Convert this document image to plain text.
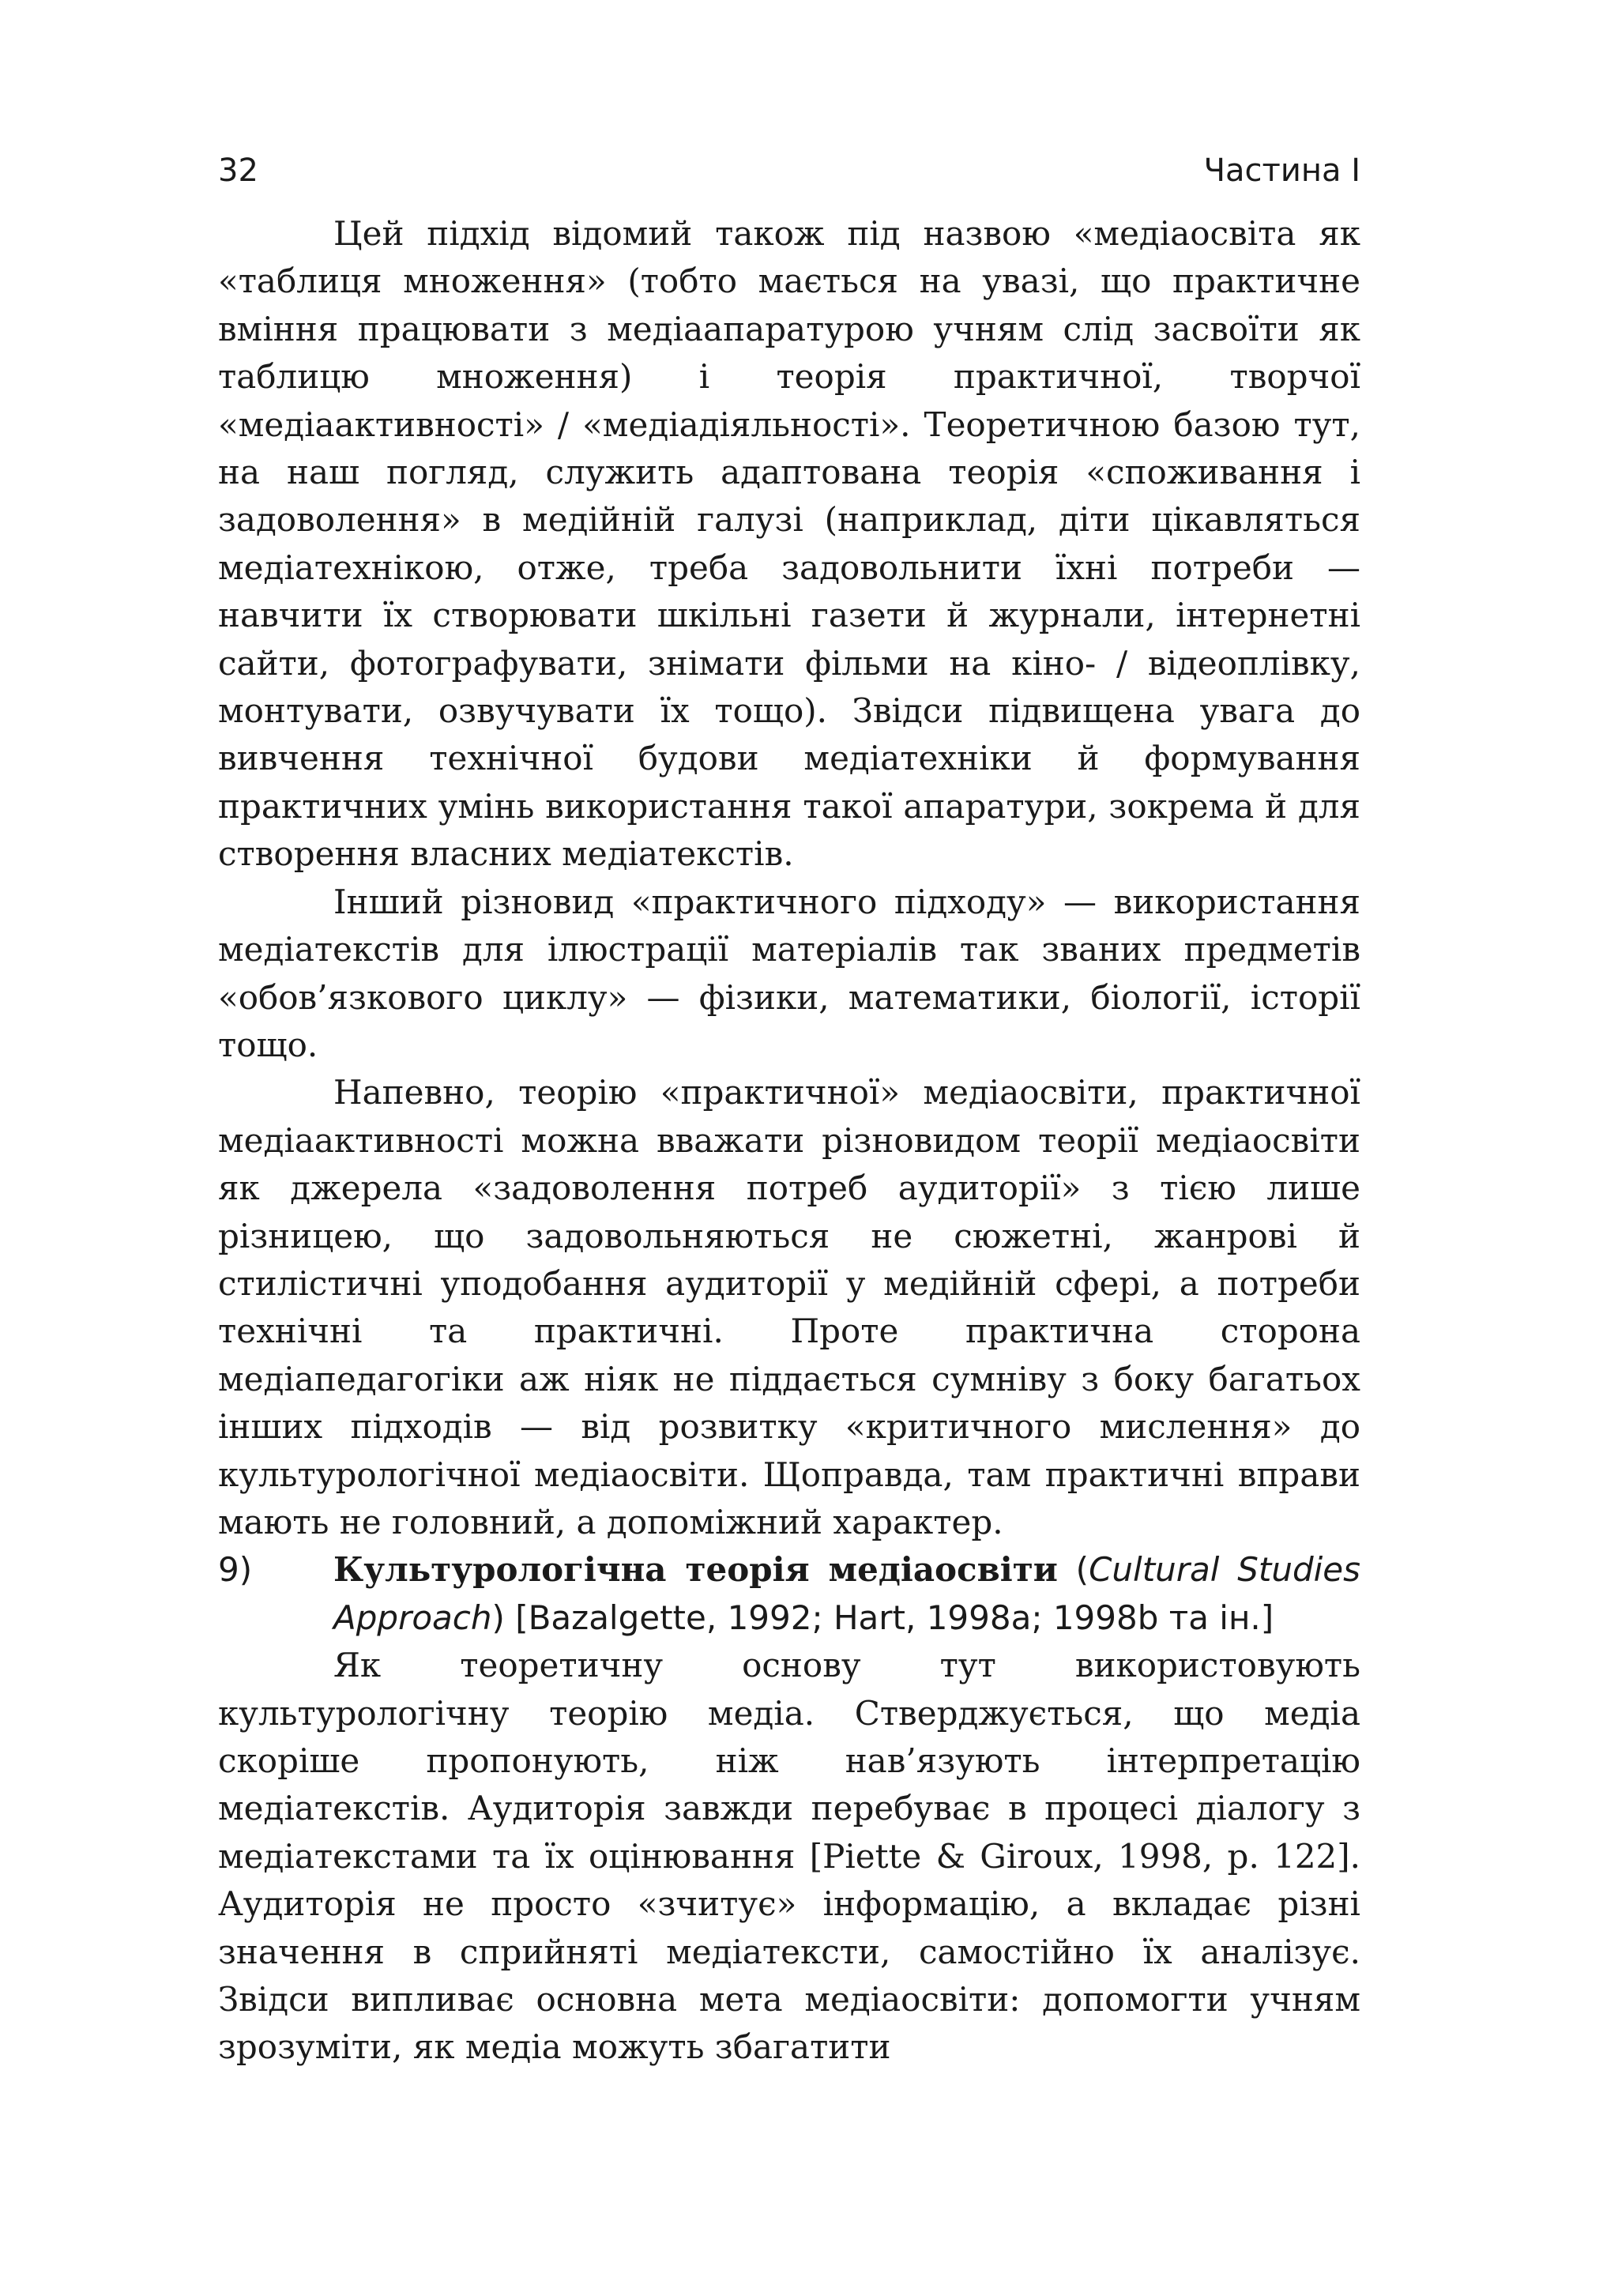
32	Частина I

Цей підхід відомий також під назвою «медіаосвіта як «таблиця множення» (тобто мається на увазі, що практичне вміння працювати з медіаапаратурою учням слід засвоїти як таблицю множення) і теорія практичної, творчої «медіаактивності» / «медіадіяльності». Теоретичною базою тут, на наш погляд, служить адаптована теорія «споживання і задоволення» в медійній галузі (наприклад, діти цікавляться медіатехнікою, отже, треба задовольнити їхні потреби — навчити їх створювати шкільні газети й журнали, інтернетні сайти, фотографувати, знімати фільми на кіно- / відеоплівку, монтувати, озвучувати їх тощо). Звідси підвищена увага до вивчення технічної будови медіатехніки й формування практичних умінь використання такої апаратури, зокрема й для створення власних медіатекстів.

Інший різновид «практичного підходу» — використання медіатекстів для ілюстрації матеріалів так званих предметів «обов’язкового циклу» — фізики, математики, біології, історії тощо.

Напевно, теорію «практичної» медіаосвіти, практичної медіаактивності можна вважати різновидом теорії медіаосвіти як джерела «задоволення потреб аудиторії» з тією лише різницею, що задовольняються не сюжетні, жанрові й стилістичні уподобання аудиторії у медійній сфері, а потреби технічні та практичні. Проте практична сторона медіапедагогіки аж ніяк не піддається сумніву з боку багатьох інших підходів — від розвитку «критичного мислення» до культурологічної медіаосвіти. Щоправда, там практичні вправи мають не головний, а допоміжний характер.

9) Культурологічна теорія медіаосвіти (Cultural Studies Approach) [Bazalgette, 1992; Hart, 1998a; 1998b та ін.]

Як теоретичну основу тут використовують культурологічну теорію медіа. Стверджується, що медіа скоріше пропонують, ніж нав’язують інтерпретацію медіатекстів. Аудиторія завжди перебуває в процесі діалогу з медіатекстами та їх оцінювання [Piette & Giroux, 1998, p. 122]. Аудиторія не просто «зчитує» інформацію, а вкладає різні значення в сприйняті медіатексти, самостійно їх аналізує. Звідси випливає основна мета медіаосвіти: допомогти учням зрозуміти, як медіа можуть збагатити
